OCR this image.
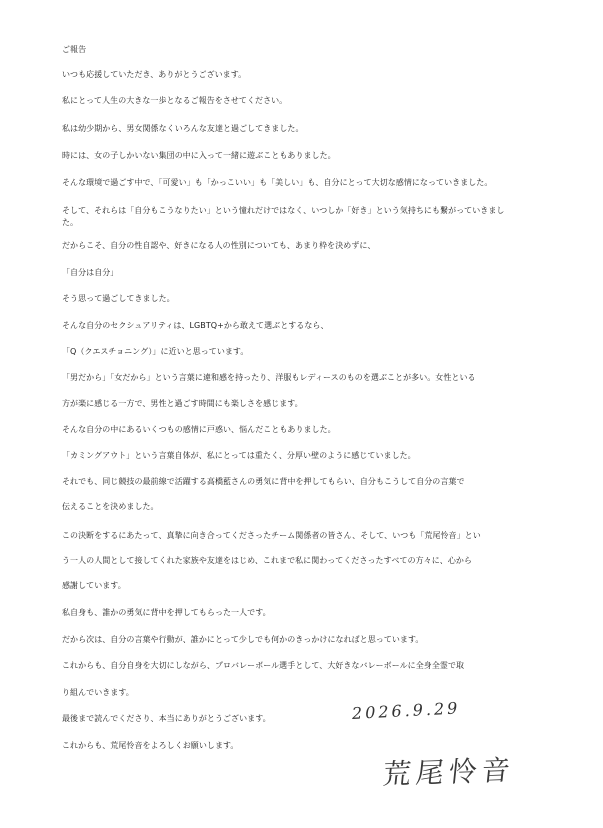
ご報告
いつも応援していただき、ありがとうございます。
私にとって人生の大きな一歩となるご報告をさせてください。
私は幼少期から、男女関係なくいろんな友達と過ごしてきました。
時には、女の子しかいない集団の中に入って一緒に遊ぶこともありました。
そんな環境で過ごす中で、「可愛い」も「かっこいい」も「美しい」も、自分にとって大切な感情になっていきました。
そして、それらは「自分もこうなりたい」という憧れだけではなく、いつしか「好き」という気持ちにも繋がっていきまし
た。
だからこそ、自分の性自認や、好きになる人の性別についても、あまり枠を決めずに、
「自分は自分」
そう思って過ごしてきました。
そんな自分のセクシュアリティは、LGBTQ+から敢えて選ぶとするなら、
「Q（クエスチョニング）」に近いと思っています。
「男だから」「女だから」という言葉に違和感を持ったり、洋服もレディースのものを選ぶことが多い。女性といる
方が楽に感じる一方で、男性と過ごす時間にも楽しさを感じます。
そんな自分の中にあるいくつもの感情に戸惑い、悩んだこともありました。
「カミングアウト」という言葉自体が、私にとっては重たく、分厚い壁のように感じていました。
それでも、同じ競技の最前線で活躍する高橋藍さんの勇気に背中を押してもらい、自分もこうして自分の言葉で
伝えることを決めました。
この決断をするにあたって、真摯に向き合ってくださったチーム関係者の皆さん、そして、いつも「荒尾怜音」とい
う一人の人間として接してくれた家族や友達をはじめ、これまで私に関わってくださったすべての方々に、心から
感謝しています。
私自身も、誰かの勇気に背中を押してもらった一人です。
だから次は、自分の言葉や行動が、誰かにとって少しでも何かのきっかけになればと思っています。
これからも、自分自身を大切にしながら、プロバレーボール選手として、大好きなバレーボールに全身全霊で取
り組んでいきます。
最後まで読んでくださり、本当にありがとうございます。
これからも、荒尾怜音をよろしくお願いします。
2026.9.29
荒尾怜音
